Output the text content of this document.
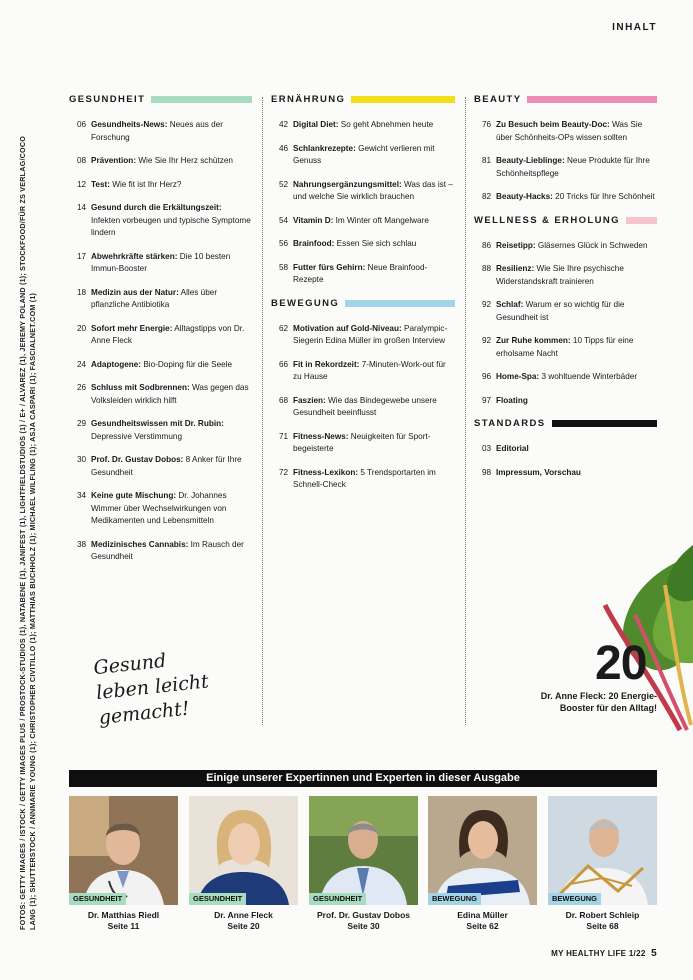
FOTOS: GETTY IMAGES / ISTOCK / GETTY IMAGES PLUS / PROSTOCK-STUDIOS (1), NATABENE (1), JANIFEST (1), LIGHTFIELDSTUDIOS (1) / E+ / ALVAREZ (1), JEREMY POLAND (1); STOCKFOOD/FÜR ZS VERLAG/COCO LANG (1); SHUTTERSTOCK / ANNMARIE YOUNG (1); CHRISTOPHER CIVITILLO (1); MATTHIAS BUCHHOLZ (1); MICHAEL WILFLING (1); ASJA CASPARI (1); FASCIALNET.COM (1)
INHALT
GESUNDHEIT
06 Gesundheits-News: Neues aus der Forschung
08 Prävention: Wie Sie Ihr Herz schützen
12 Test: Wie fit ist Ihr Herz?
14 Gesund durch die Erkältungszeit: Infekten vorbeugen und typische Symptome lindern
17 Abwehrkräfte stärken: Die 10 besten Immun-Booster
18 Medizin aus der Natur: Alles über pflanzliche Antibiotika
20 Sofort mehr Energie: Alltagstipps von Dr. Anne Fleck
24 Adaptogene: Bio-Doping für die Seele
26 Schluss mit Sodbrennen: Was gegen das Volksleiden wirklich hilft
29 Gesundheitswissen mit Dr. Rubin: Depressive Verstimmung
30 Prof. Dr. Gustav Dobos: 8 Anker für Ihre Gesundheit
34 Keine gute Mischung: Dr. Johannes Wimmer über Wechselwirkungen von Medikamenten und Lebensmitteln
38 Medizinisches Cannabis: Im Rausch der Gesundheit
ERNÄHRUNG
42 Digital Diet: So geht Abnehmen heute
46 Schlankrezepte: Gewicht verlieren mit Genuss
52 Nahrungsergänzungsmittel: Was das ist – und welche Sie wirklich brauchen
54 Vitamin D: Im Winter oft Mangelware
56 Brainfood: Essen Sie sich schlau
58 Futter fürs Gehirn: Neue Brainfood-Rezepte
BEWEGUNG
62 Motivation auf Gold-Niveau: Paralympic-Siegerin Edina Müller im großen Interview
66 Fit in Rekordzeit: 7-Minuten-Work-out für zu Hause
68 Faszien: Wie das Bindegewebe unsere Gesundheit beeinflusst
71 Fitness-News: Neuigkeiten für Sport-begeisterte
72 Fitness-Lexikon: 5 Trendsportarten im Schnell-Check
BEAUTY
76 Zu Besuch beim Beauty-Doc: Was Sie über Schönheits-OPs wissen sollten
81 Beauty-Lieblinge: Neue Produkte für Ihre Schönheitspflege
82 Beauty-Hacks: 20 Tricks für Ihre Schönheit
WELLNESS & ERHOLUNG
86 Reisetipp: Gläsernes Glück in Schweden
88 Resilienz: Wie Sie Ihre psychische Widerstandskraft trainieren
92 Schlaf: Warum er so wichtig für die Gesundheit ist
92 Zur Ruhe kommen: 10 Tipps für eine erholsame Nacht
96 Home-Spa: 3 wohltuende Winterbäder
97 Floating
STANDARDS
03 Editorial
98 Impressum, Vorschau
Gesund leben leicht gemacht!
20
Dr. Anne Fleck: 20 Energie-Booster für den Alltag!
Einige unserer Expertinnen und Experten in dieser Ausgabe
GESUNDHEIT
Dr. Matthias Riedl
Seite 11
GESUNDHEIT
Dr. Anne Fleck
Seite 20
GESUNDHEIT
Prof. Dr. Gustav Dobos
Seite 30
BEWEGUNG
Edina Müller
Seite 62
BEWEGUNG
Dr. Robert Schleip
Seite 68
MY HEALTHY LIFE 1/22 5
